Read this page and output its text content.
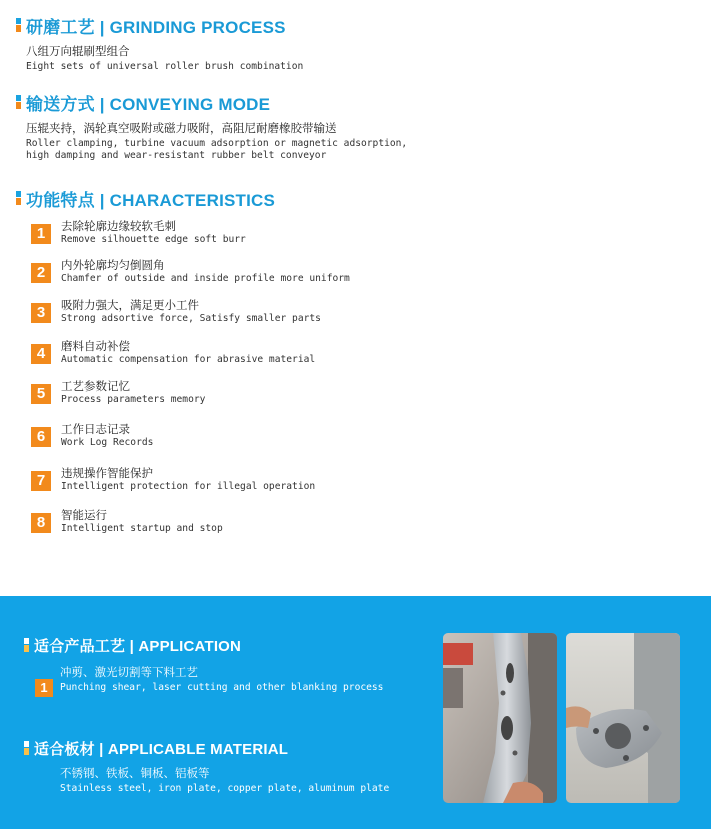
研磨工艺 | GRINDING PROCESS
八组万向辊刷型组合
Eight sets of universal roller brush combination
输送方式 | CONVEYING MODE
压辊夹持，涡轮真空吸附或磁力吸附，高阻尼耐磨橡胶带输送
Roller clamping, turbine vacuum adsorption or magnetic adsorption,
high damping and wear-resistant rubber belt conveyor
功能特点 | CHARACTERISTICS
1	去除轮廓边缘较软毛刺
Remove silhouette edge soft burr
2	内外轮廓均匀倒圆角
Chamfer of outside and inside profile more uniform
3	吸附力强大，满足更小工件
Strong adsortive force, Satisfy smaller parts
4	磨料自动补偿
Automatic compensation for abrasive material
5	工艺参数记忆
Process parameters memory
6	工作日志记录
Work Log Records
7	违规操作智能保护
Intelligent protection for illegal operation
8	智能运行
Intelligent startup and stop
适合产品工艺 | APPLICATION
1
冲剪、激光切割等下料工艺
Punching shear, laser cutting and other blanking process
适合板材 | APPLICABLE MATERIAL
不锈钢、铁板、铜板、铝板等
Stainless steel, iron plate, copper plate, aluminum plate
